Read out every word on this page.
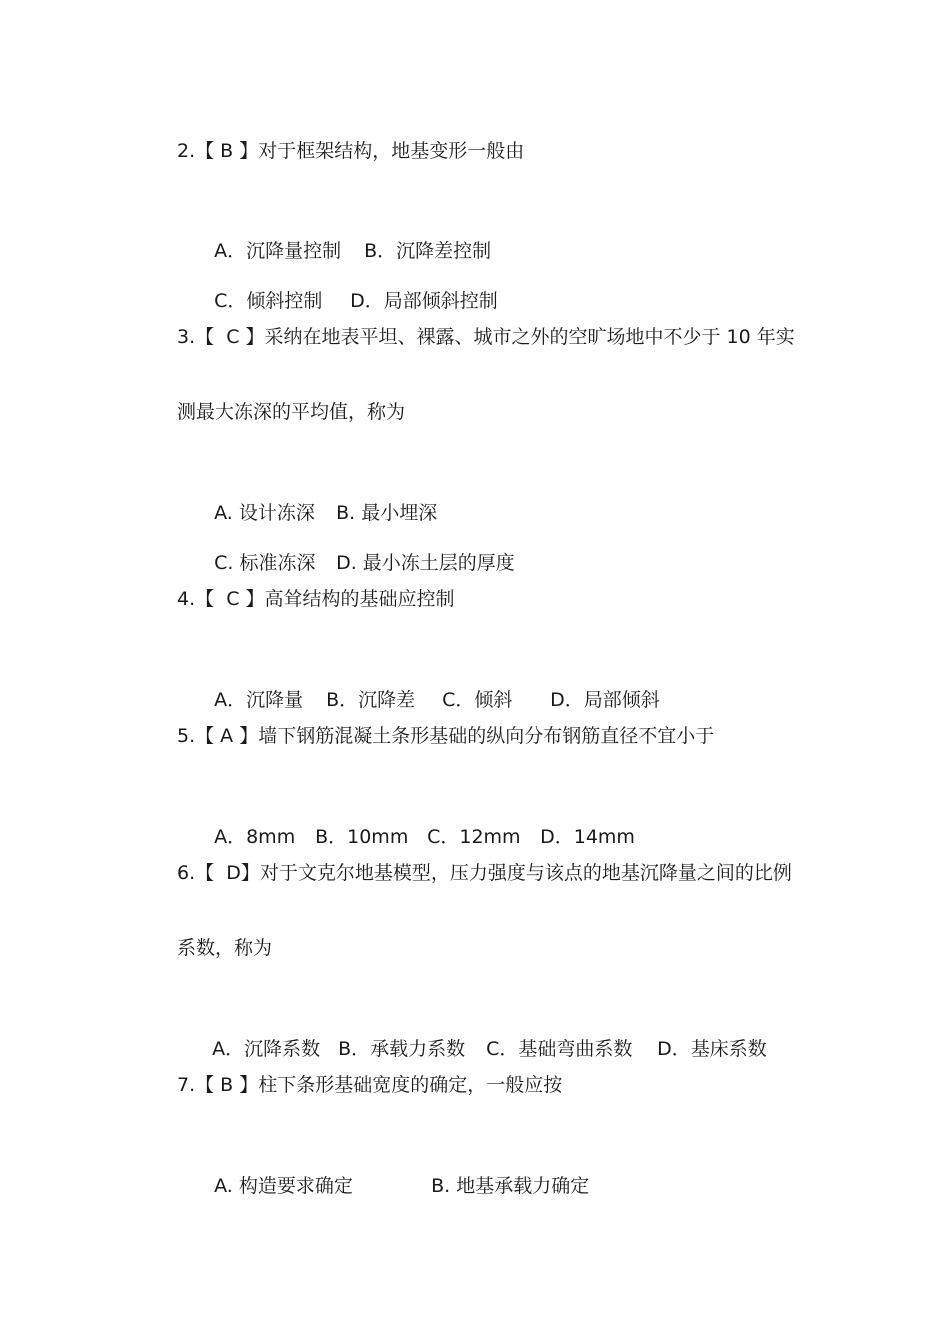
2.【 B 】对于框架结构，地基变形一般由

A．沉降量控制 B．沉降差控制

C．倾斜控制 D．局部倾斜控制

3.【  C 】采纳在地表平坦、裸露、城市之外的空旷场地中不少于 10 年实
测最大冻深的平均值，称为

A. 设计冻深 B. 最小埋深

C. 标准冻深 D. 最小冻土层的厚度

4.【  C 】高耸结构的基础应控制

A．沉降量 B．沉降差 C．倾斜 D．局部倾斜

5.【 A 】墙下钢筋混凝土条形基础的纵向分布钢筋直径不宜小于

A．8mm B．10mm C．12mm D．14mm

6.【  D】对于文克尔地基模型，压力强度与该点的地基沉降量之间的比例
系数，称为

A．沉降系数 B．承载力系数 C．基础弯曲系数 D．基床系数

7.【 B 】柱下条形基础宽度的确定，一般应按

A. 构造要求确定	B. 地基承载力确定
